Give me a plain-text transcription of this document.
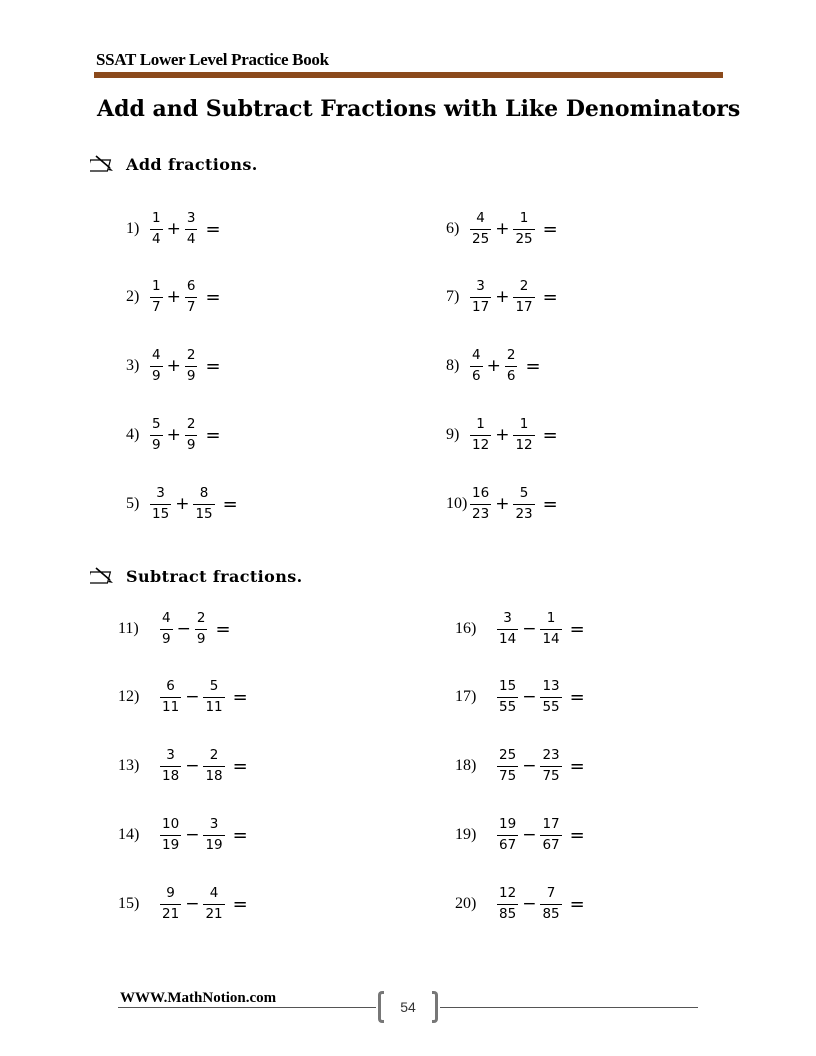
SSAT Lower Level Practice Book
Add and Subtract Fractions with Like Denominators
Add fractions.
Subtract fractions.
$1) \frac{1}{4} + \frac{3}{4}$ =
$2) \frac{1}{7} + \frac{6}{7}$ =
$3) \frac{4}{9} + \frac{2}{9}$ =
$4) \frac{5}{9} + \frac{2}{9}$ =
$5) \frac{3}{15} + \frac{8}{15}$ =
$6) \frac{4}{25} + \frac{1}{25}$ =
$7) \frac{3}{17} + \frac{2}{17}$ =
$8) \frac{4}{6} + \frac{2}{6}$ =
$9) \frac{1}{12} + \frac{1}{12}$ =
$10) \frac{16}{23} + \frac{5}{23}$ =
11)	$\frac{4}{9} - \frac{2}{9}$ =
12)	$\frac{6}{11} - \frac{5}{11}$ =
13)	$\frac{3}{18} - \frac{2}{18}$ =
14)	$\frac{10}{19} - \frac{3}{19}$ =
15)	$\frac{9}{21} - \frac{4}{21}$ =
16)	$\frac{3}{14} - \frac{1}{14}$ =
17)	$\frac{15}{55} - \frac{13}{55}$ =
18)	$\frac{25}{75} - \frac{23}{75}$ =
19)	$\frac{19}{67} - \frac{17}{67}$ =
20)	$\frac{12}{85} - \frac{7}{85}$ =
WWW.MathNotion.com
54
